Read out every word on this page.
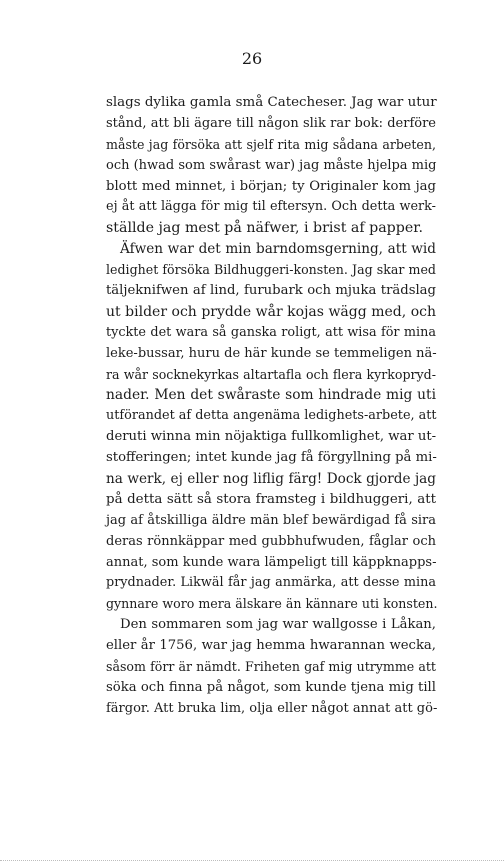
26

slags dylika gamla små Catecheser. Jag war utur
stånd, att bli ägare till någon slik rar bok: derföre
måste jag försöka att sjelf rita mig sådana arbeten,
och (hwad som swårast war) jag måste hjelpa mig
blott med minnet, i början; ty Originaler kom jag
ej åt att lägga för mig til eftersyn. Och detta werk-
ställde jag mest på näfwer, i brist af papper.
Äfwen war det min barndomsgerning, att wid
ledighet försöka Bildhuggeri-konsten. Jag skar med
täljeknifwen af lind, furubark och mjuka trädslag
ut bilder och prydde wår kojas wägg med, och
tyckte det wara så ganska roligt, att wisa för mina
leke-bussar, huru de här kunde se temmeligen nä-
ra wår socknekyrkas altartafla och flera kyrkopryd-
nader. Men det swåraste som hindrade mig uti
utförandet af detta angenäma ledighets-arbete, att
deruti winna min nöjaktiga fullkomlighet, war ut-
stofferingen; intet kunde jag få förgyllning på mi-
na werk, ej eller nog liflig färg! Dock gjorde jag
på detta sätt så stora framsteg i bildhuggeri, att
jag af åtskilliga äldre män blef bewärdigad få sira
deras rönnkäppar med gubbhufwuden, fåglar och
annat, som kunde wara lämpeligt till käppknapps-
prydnader. Likwäl får jag anmärka, att desse mina
gynnare woro mera älskare än kännare uti konsten.
Den sommaren som jag war wallgosse i Låkan,
eller år 1756, war jag hemma hwarannan wecka,
såsom förr är nämdt. Friheten gaf mig utrymme att
söka och finna på något, som kunde tjena mig till
färgor. Att bruka lim, olja eller något annat att gö-
